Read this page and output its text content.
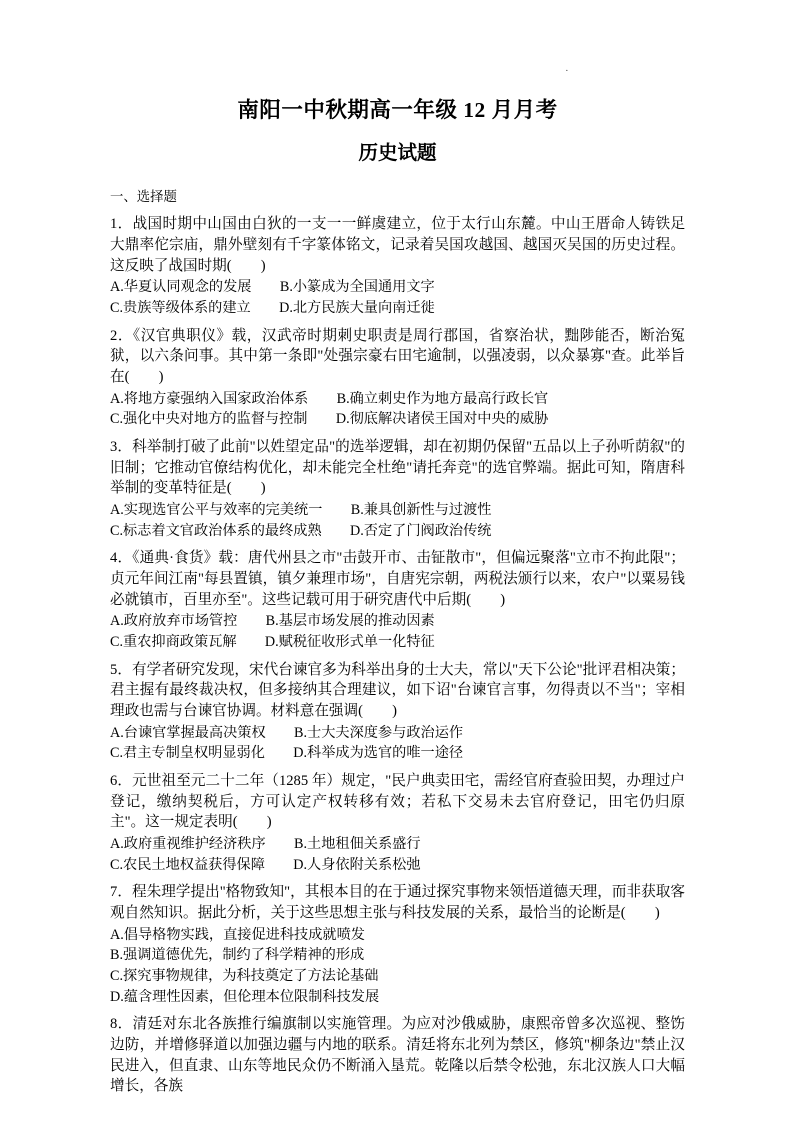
·
南阳一中秋期高一年级 12 月月考
历史试题

一、选择题

1．战国时期中山国由白狄的一支一一鲜虞建立，位于太行山东麓。中山王厝命人铸铁足大鼎率佗宗庙，鼎外壁刻有千字篆体铭文，记录着吴国攻越国、越国灭吴国的历史过程。这反映了战国时期(　　)

A.华夏认同观念的发展　　B.小篆成为全国通用文字

C.贵族等级体系的建立　　D.北方民族大量向南迁徙

2．《汉官典职仪》载，汉武帝时期刺史职责是周行郡国，省察治状，黜陟能否，断治冤狱，以六条问事。其中第一条即"处强宗豪右田宅逾制，以强凌弱，以众暴寡"查。此举旨在(　　)

A.将地方豪强纳入国家政治体系　　B.确立刺史作为地方最高行政长官

C.强化中央对地方的监督与控制　　D.彻底解决诸侯王国对中央的威胁

3．科举制打破了此前"以姓望定品"的选举逻辑，却在初期仍保留"五品以上子孙听荫叙"的旧制；它推动官僚结构优化，却未能完全杜绝"请托奔竞"的选官弊端。据此可知，隋唐科举制的变革特征是(　　)

A.实现选官公平与效率的完美统一　　B.兼具创新性与过渡性

C.标志着文官政治体系的最终成熟　　D.否定了门阀政治传统

4．《通典·食货》载：唐代州县之市"击鼓开市、击钲散市"，但偏远聚落"立市不拘此限"；贞元年间江南"每县置镇，镇夕兼理市场"，自唐宪宗朝，两税法颁行以来，农户"以粟易钱必就镇市，百里亦至"。这些记载可用于研究唐代中后期(　　)

A.政府放弃市场管控　　B.基层市场发展的推动因素

C.重农抑商政策瓦解　　D.赋税征收形式单一化特征

5．有学者研究发现，宋代台谏官多为科举出身的士大夫，常以"天下公论"批评君相决策；君主握有最终裁决权，但多接纳其合理建议，如下诏"台谏官言事，勿得责以不当"；宰相理政也需与台谏官协调。材料意在强调(　　)

A.台谏官掌握最高决策权　　B.士大夫深度参与政治运作

C.君主专制皇权明显弱化　　D.科举成为选官的唯一途径

6．元世祖至元二十二年（1285 年）规定，"民户典卖田宅，需经官府查验田契，办理过户登记，缴纳契税后，方可认定产权转移有效；若私下交易未去官府登记，田宅仍归原主"。这一规定表明(　　)

A.政府重视维护经济秩序　　B.土地租佃关系盛行

C.农民土地权益获得保障　　D.人身依附关系松弛

7．程朱理学提出"格物致知"，其根本目的在于通过探究事物来领悟道德天理，而非获取客观自然知识。据此分析，关于这些思想主张与科技发展的关系，最恰当的论断是(　　)

A.倡导格物实践，直接促进科技成就喷发

B.强调道德优先，制约了科学精神的形成

C.探究事物规律，为科技奠定了方法论基础

D.蕴含理性因素，但伦理本位限制科技发展

8．清廷对东北各族推行编旗制以实施管理。为应对沙俄威胁，康熙帝曾多次巡视、整饬边防，并增修驿道以加强边疆与内地的联系。清廷将东北列为禁区，修筑"柳条边"禁止汉民进入，但直隶、山东等地民众仍不断涌入垦荒。乾隆以后禁令松弛，东北汉族人口大幅增长，各族
